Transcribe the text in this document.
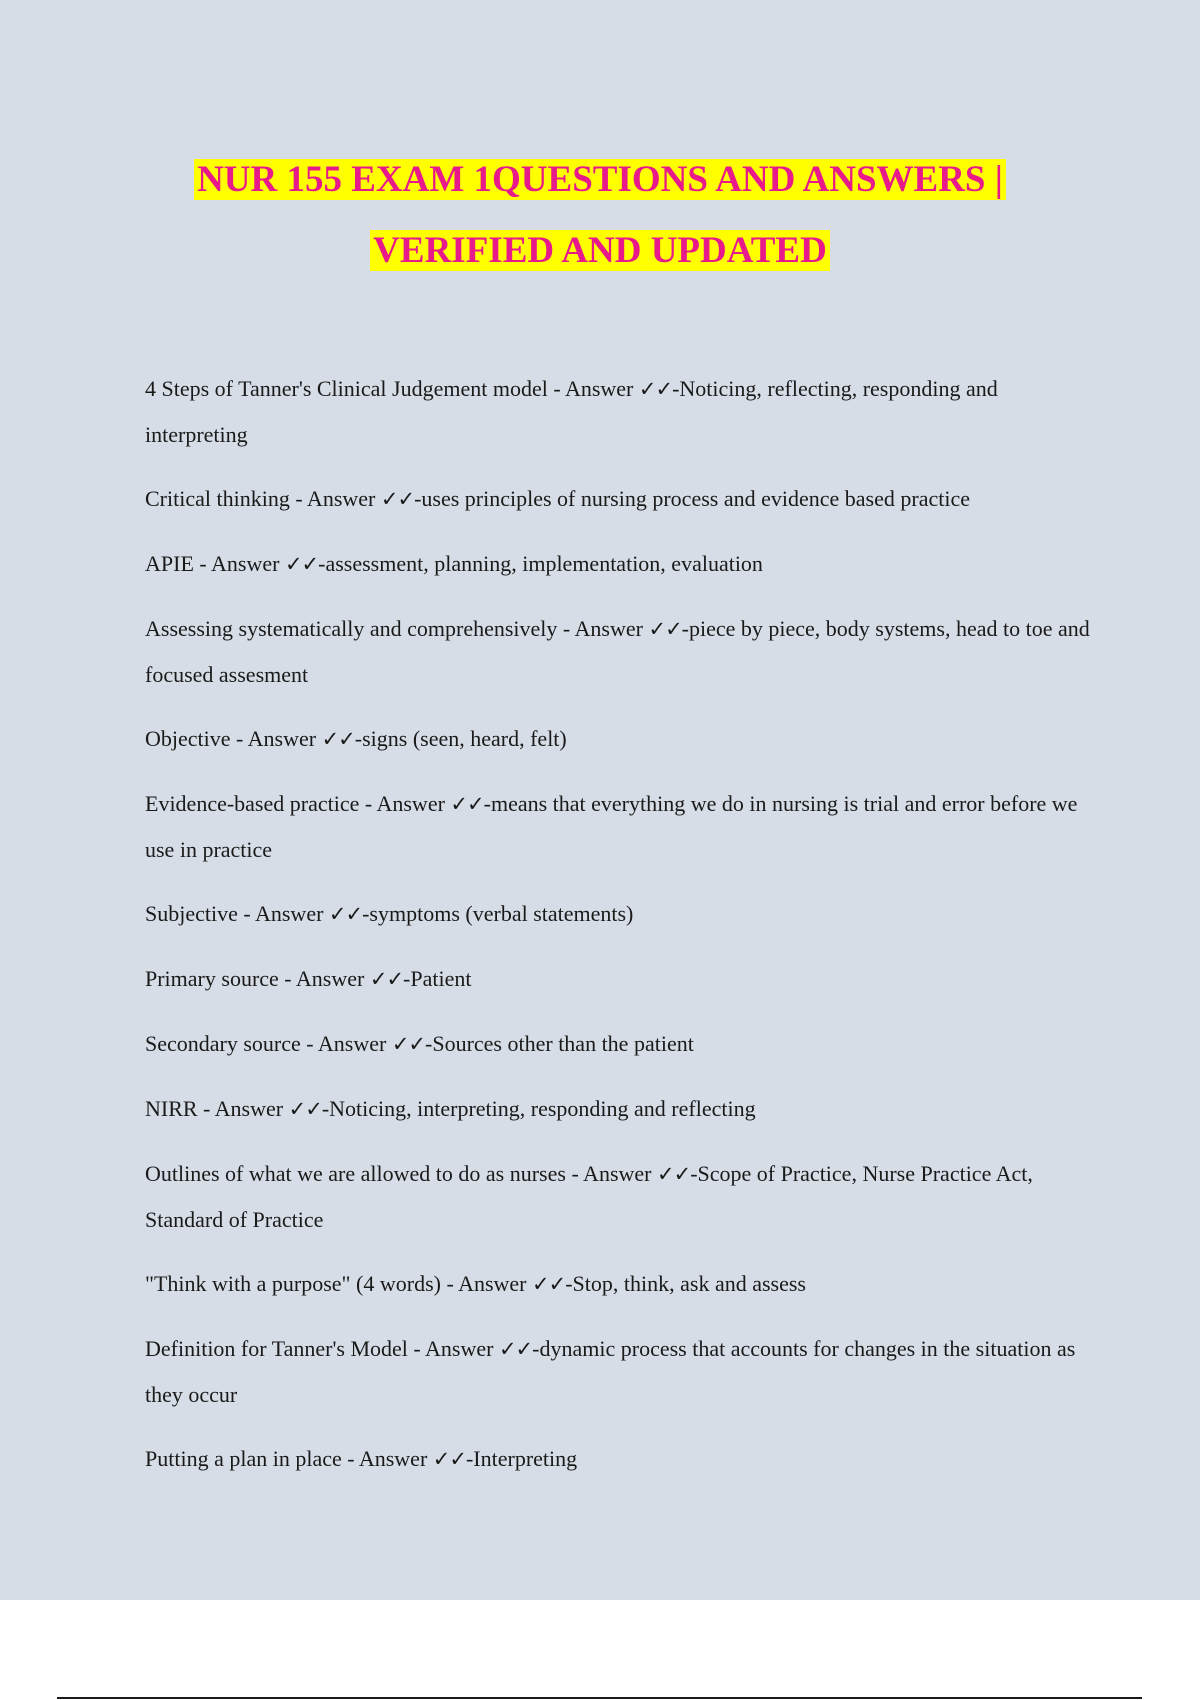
NUR 155 EXAM 1QUESTIONS AND ANSWERS |
VERIFIED AND UPDATED
4 Steps of Tanner's Clinical Judgement model - Answer ✓✓-Noticing, reflecting, responding and interpreting
Critical thinking - Answer ✓✓-uses principles of nursing process and evidence based practice
APIE - Answer ✓✓-assessment, planning, implementation, evaluation
Assessing systematically and comprehensively - Answer ✓✓-piece by piece, body systems, head to toe and focused assesment
Objective - Answer ✓✓-signs (seen, heard, felt)
Evidence-based practice - Answer ✓✓-means that everything we do in nursing is trial and error before we use in practice
Subjective - Answer ✓✓-symptoms (verbal statements)
Primary source - Answer ✓✓-Patient
Secondary source - Answer ✓✓-Sources other than the patient
NIRR - Answer ✓✓-Noticing, interpreting, responding and reflecting
Outlines of what we are allowed to do as nurses - Answer ✓✓-Scope of Practice, Nurse Practice Act, Standard of Practice
"Think with a purpose" (4 words) - Answer ✓✓-Stop, think, ask and assess
Definition for Tanner's Model - Answer ✓✓-dynamic process that accounts for changes in the situation as they occur
Putting a plan in place - Answer ✓✓-Interpreting
